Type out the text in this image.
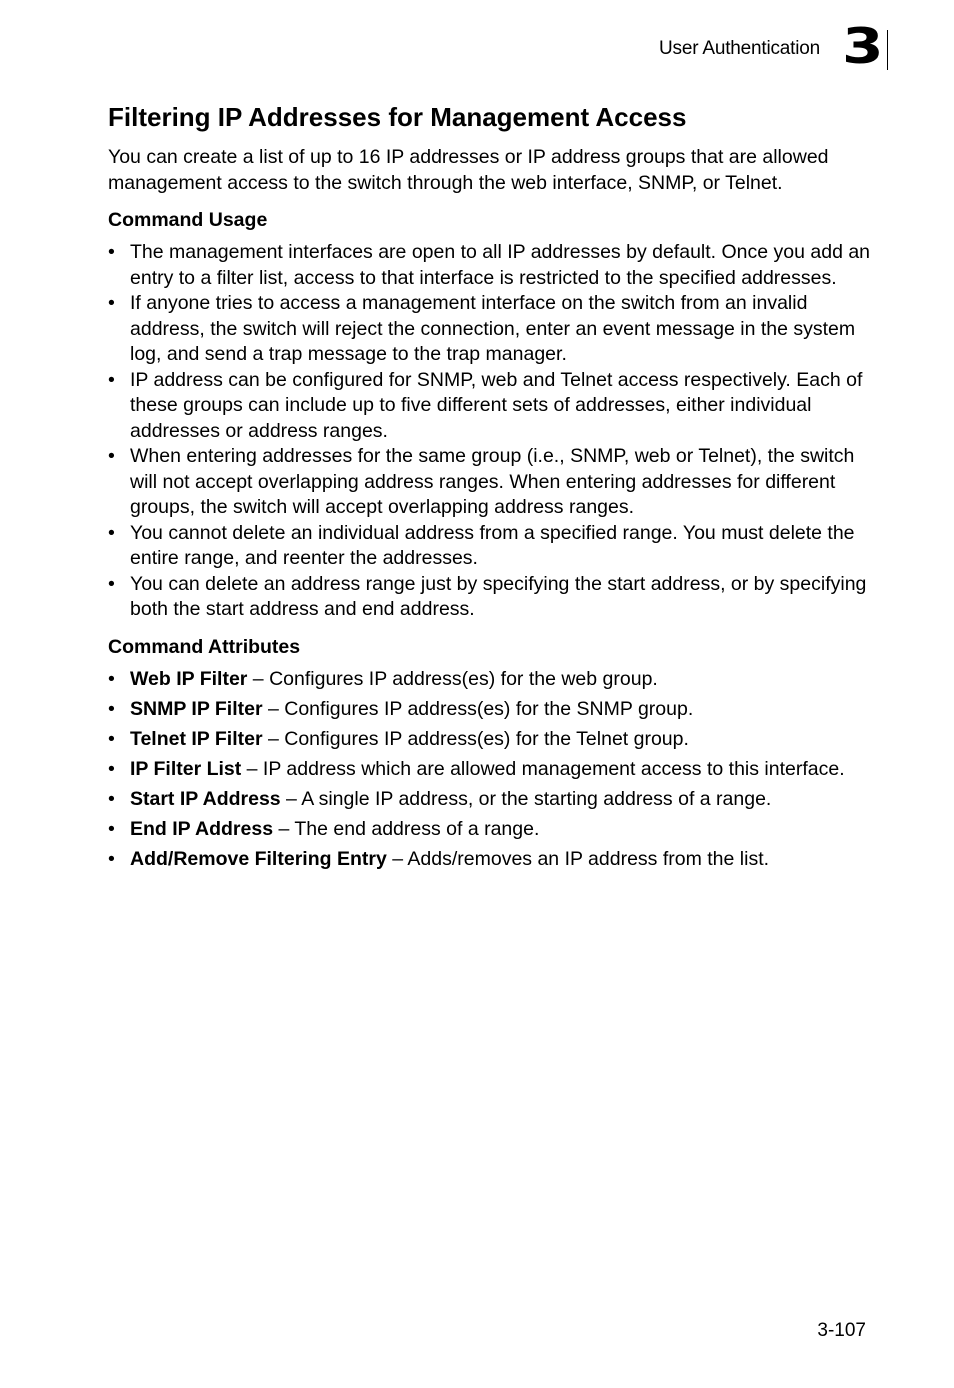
User Authentication 3
Filtering IP Addresses for Management Access

You can create a list of up to 16 IP addresses or IP address groups that are allowed management access to the switch through the web interface, SNMP, or Telnet.

Command Usage
• The management interfaces are open to all IP addresses by default. Once you add an entry to a filter list, access to that interface is restricted to the specified addresses.
• If anyone tries to access a management interface on the switch from an invalid address, the switch will reject the connection, enter an event message in the system log, and send a trap message to the trap manager.
• IP address can be configured for SNMP, web and Telnet access respectively. Each of these groups can include up to five different sets of addresses, either individual addresses or address ranges.
• When entering addresses for the same group (i.e., SNMP, web or Telnet), the switch will not accept overlapping address ranges. When entering addresses for different groups, the switch will accept overlapping address ranges.
• You cannot delete an individual address from a specified range. You must delete the entire range, and reenter the addresses.
• You can delete an address range just by specifying the start address, or by specifying both the start address and end address.
Command Attributes
• Web IP Filter – Configures IP address(es) for the web group.
• SNMP IP Filter – Configures IP address(es) for the SNMP group.
• Telnet IP Filter – Configures IP address(es) for the Telnet group.
• IP Filter List – IP address which are allowed management access to this interface.
• Start IP Address – A single IP address, or the starting address of a range.
• End IP Address – The end address of a range.
• Add/Remove Filtering Entry – Adds/removes an IP address from the list.
3-107
